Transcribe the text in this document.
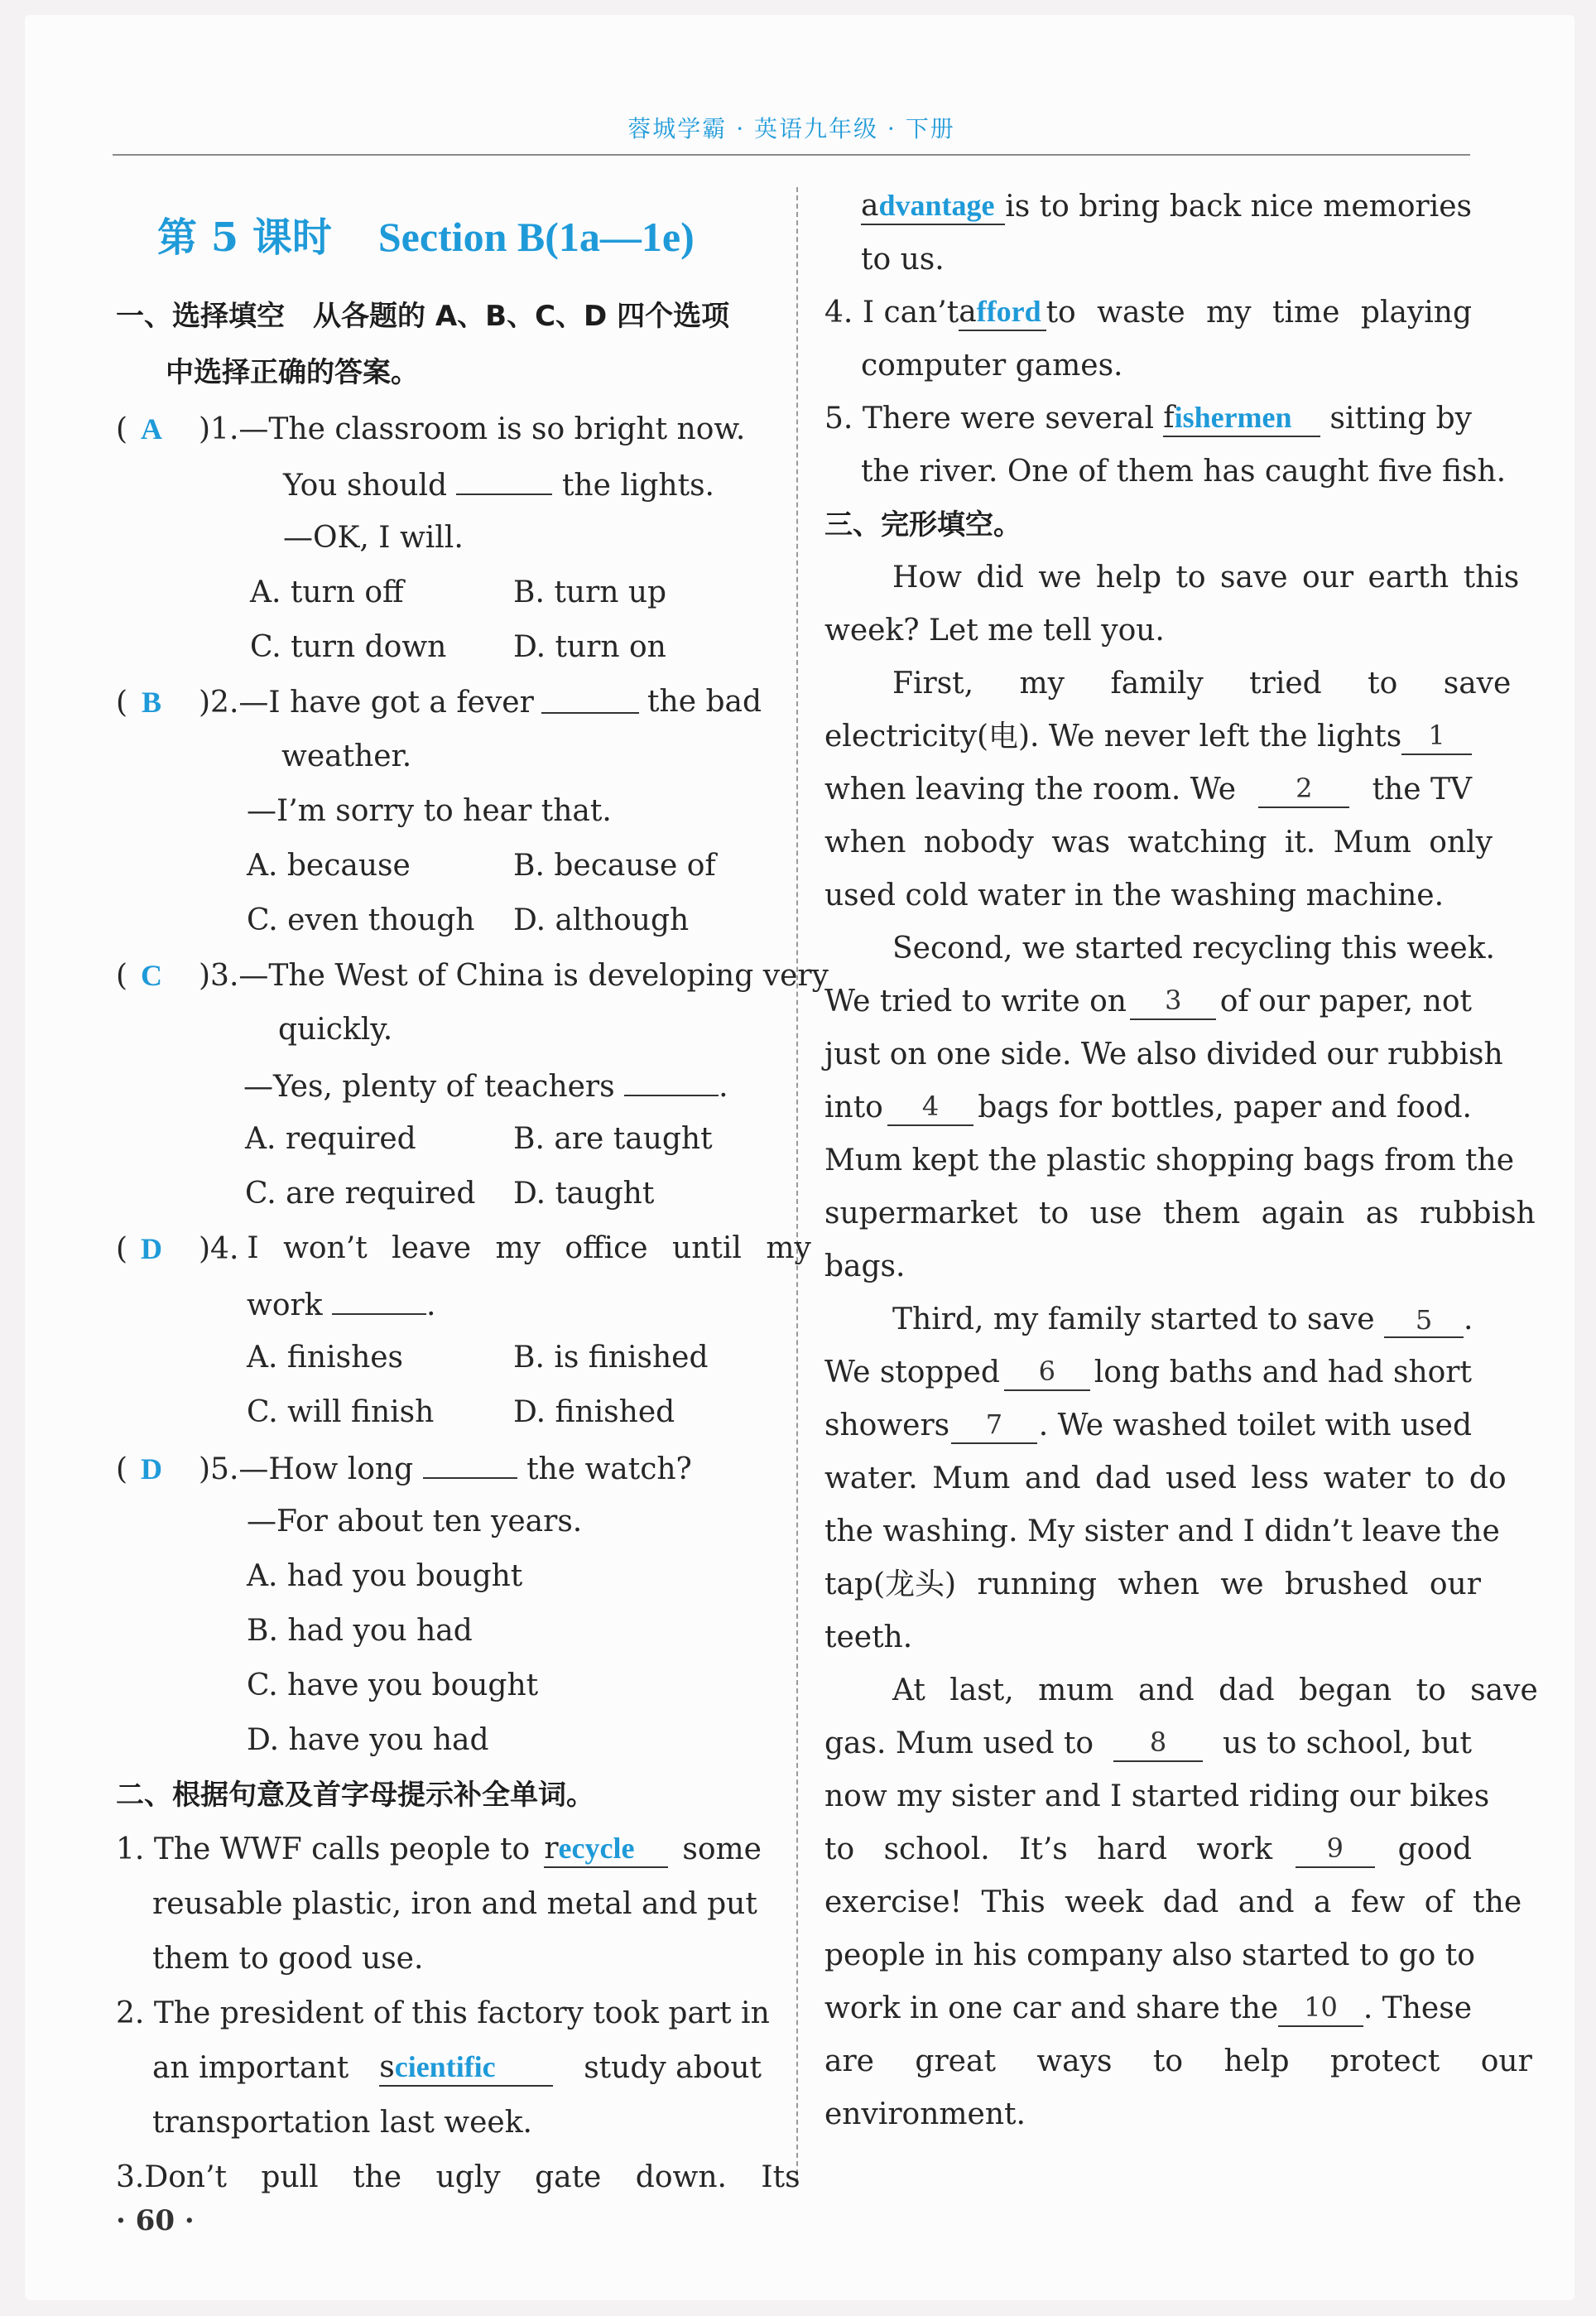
蓉城学霸 · 英语九年级 · 下册
第 5 课时 Section B(1a—1e)
一、选择填空　从各题的 A、B、C、D 四个选项
中选择正确的答案。
( A )1.—The classroom is so bright now.
You should	the lights.
—OK, I will.
A. turn off	B. turn up
C. turn down D. turn on
( B )2.—I have got a fever	the bad
weather.
—I’m sorry to hear that.
A. because	B. because of
C. even though D. although
( C )3.—The West of China is developing very
quickly.
—Yes, plenty of teachers	.
A. required	B. are taught
C. are required D. taught
( D )4. I won’t leave my office until my
work	.
A. finishes	B. is finished
C. will finish	D. finished
( D )5.—How long	the watch?
—For about ten years.
A. had you bought
B. had you had
C. have you bought
D. have you had
二、根据句意及首字母提示补全单词。
1. The WWF calls people to recycle	some
reusable plastic, iron and metal and put
them to good use.
2. The president of this factory took part in
an important scientific	study about
transportation last week.
3.Don’t pull the ugly gate down. Its
· 60 ·
advantage is to bring back nice memories
to us.
4. I can’t afford to waste my time playing
computer games.
5. There were several fishermen	sitting by
the river. One of them has caught five fish.
三、完形填空。
How did we help to save our earth this
week? Let me tell you.
First, my family tried to save
electricity(电). We never left the lights	1
when leaving the room. We	2	the TV
when nobody was watching it. Mum only
used cold water in the washing machine.
Second, we started recycling this week.
We tried to write on	3	of our paper, not
just on one side. We also divided our rubbish
into	4	bags for bottles, paper and food.
Mum kept the plastic shopping bags from the
supermarket to use them again as rubbish
bags.
Third, my family started to save 5 .
We stopped	6	long baths and had short
showers	7	. We washed toilet with used
water. Mum and dad used less water to do
the washing. My sister and I didn’t leave the
tap(龙头) running when we brushed our
teeth.
At last, mum and dad began to save
gas. Mum used to	8	us to school, but
now my sister and I started riding our bikes
to school. It’s hard work	9	good
exercise! This week dad and a few of the
people in his company also started to go to
work in one car and share the 10 . These
are great ways to help protect our
environment.
